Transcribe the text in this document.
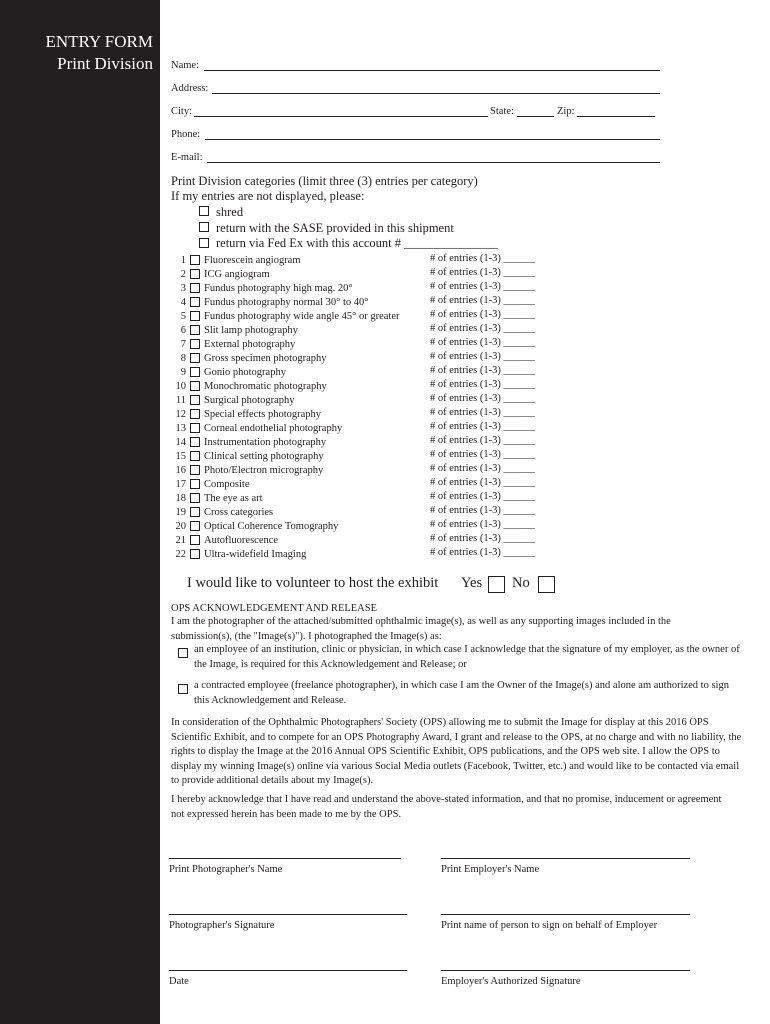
ENTRY FORM
Print Division Name:
Address:
City:	State:	Zip:
Phone:
E-mail:
Print Division categories (limit three (3) entries per category)
If my entries are not displayed, please:
shred
return with the SASE provided in this shipment
return via Fed Ex with this account # _______________
1 Fluorescein angiogram	# of entries (1-3) ______
2 ICG angiogram	# of entries (1-3) ______
3 Fundus photography high mag. 20°	# of entries (1-3) ______
4 Fundus photography normal 30° to 40°	# of entries (1-3) ______
5 Fundus photography wide angle 45° or greater	# of entries (1-3) ______
6 Slit lamp photography	# of entries (1-3) ______
7 External photography	# of entries (1-3) ______
8 Gross specimen photography	# of entries (1-3) ______
9 Gonio photography	# of entries (1-3) ______
10 Monochromatic photography	# of entries (1-3) ______
11 Surgical photography	# of entries (1-3) ______
12 Special effects photography	# of entries (1-3) ______
13 Corneal endothelial photography	# of entries (1-3) ______
14 Instrumentation photography	# of entries (1-3) ______
15 Clinical setting photography	# of entries (1-3) ______
16 Photo/Electron micrography	# of entries (1-3) ______
17 Composite	# of entries (1-3) ______
18 The eye as art	# of entries (1-3) ______
19 Cross categories	# of entries (1-3) ______
20 Optical Coherence Tomography	# of entries (1-3) ______
21 Autofluorescence	# of entries (1-3) ______
22 Ultra-widefield Imaging	# of entries (1-3) ______
I would like to volunteer to host the exhibit Yes No
OPS ACKNOWLEDGEMENT AND RELEASE
I am the photographer of the attached/submitted ophthalmic image(s), as well as any supporting images included in the submission(s), (the "Image(s)"). I photographed the Image(s) as:
an employee of an institution, clinic or physician, in which case I acknowledge that the signature of my employer, as the owner of the Image, is required for this Acknowledgement and Release; or
a contracted employee (freelance photographer), in which case I am the Owner of the Image(s) and alone am authorized to sign this Acknowledgement and Release.
In consideration of the Ophthalmic Photographers' Society (OPS) allowing me to submit the Image for display at this 2016 OPS Scientific Exhibit, and to compete for an OPS Photography Award, I grant and release to the OPS, at no charge and with no liability, the rights to display the Image at the 2016 Annual OPS Scientific Exhibit, OPS publications, and the OPS web site. I allow the OPS to display my winning Image(s) online via various Social Media outlets (Facebook, Twitter, etc.) and would like to be contacted via email to provide additional details about my Image(s).
I hereby acknowledge that I have read and understand the above-stated information, and that no promise, inducement or agreement not expressed herein has been made to me by the OPS.
Print Photographer's Name	Print Employer's Name
Photographer's Signature	Print name of person to sign on behalf of Employer
Date	Employer's Authorized Signature
